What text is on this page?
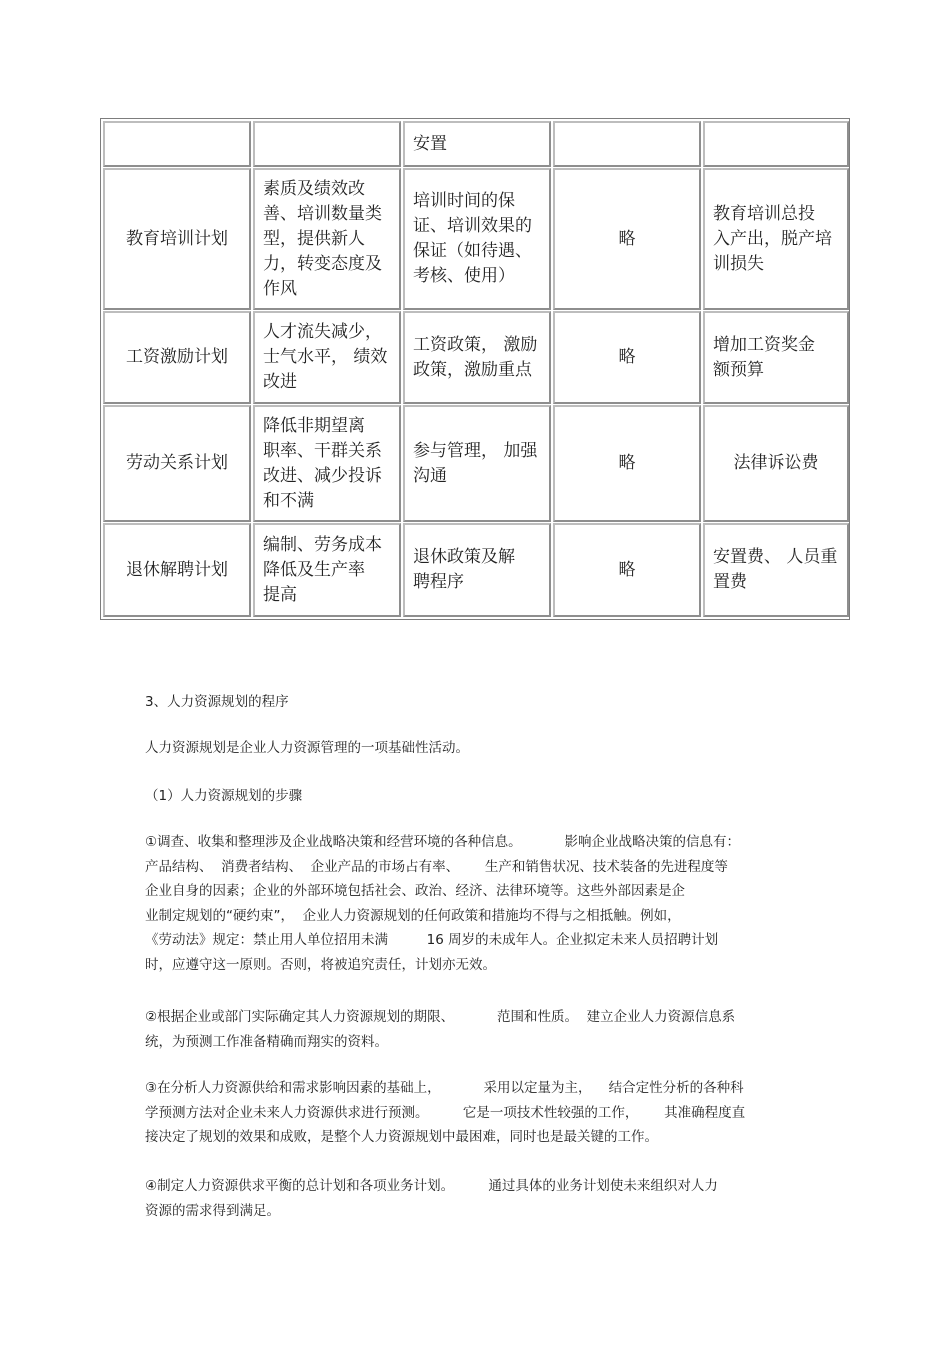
安置
教育培训计划
素质及绩效改
善、培训数量类
型，提供新人
力，转变态度及
作风
培训时间的保
证、培训效果的
保证（如待遇、
考核、使用）
略
教育培训总投
入产出，脱产培
训损失
工资激励计划
人才流失减少，
士气水平， 绩效
改进
工资政策， 激励
政策，激励重点
略
增加工资奖金
额预算
劳动关系计划
降低非期望离
职率、干群关系
改进、减少投诉
和不满
参与管理， 加强
沟通
略	法律诉讼费
退休解聘计划
编制、劳务成本
降低及生产率
提高
退休政策及解
聘程序
略
安置费、 人员重
置费
3、人力资源规划的程序
人力资源规划是企业人力资源管理的一项基础性活动。
（1）人力资源规划的步骤
①调查、收集和整理涉及企业战略决策和经营环境的各种信息。          影响企业战略决策的信息有：
产品结构、  消费者结构、  企业产品的市场占有率、      生产和销售状况、技术装备的先进程度等
企业自身的因素；企业的外部环境包括社会、政治、经济、法律环境等。这些外部因素是企
业制定规划的“硬约束”，  企业人力资源规划的任何政策和措施均不得与之相抵触。例如，
《劳动法》规定：禁止用人单位招用未满         16 周岁的未成年人。企业拟定未来人员招聘计划
时，应遵守这一原则。否则，将被追究责任，计划亦无效。
②根据企业或部门实际确定其人力资源规划的期限、          范围和性质。  建立企业人力资源信息系
统，为预测工作准备精确而翔实的资料。
③在分析人力资源供给和需求影响因素的基础上，          采用以定量为主，    结合定性分析的各种科
学预测方法对企业未来人力资源供求进行预测。        它是一项技术性较强的工作，      其准确程度直
接决定了规划的效果和成败，是整个人力资源规划中最困难，同时也是最关键的工作。
④制定人力资源供求平衡的总计划和各项业务计划。        通过具体的业务计划使未来组织对人力
资源的需求得到满足。
